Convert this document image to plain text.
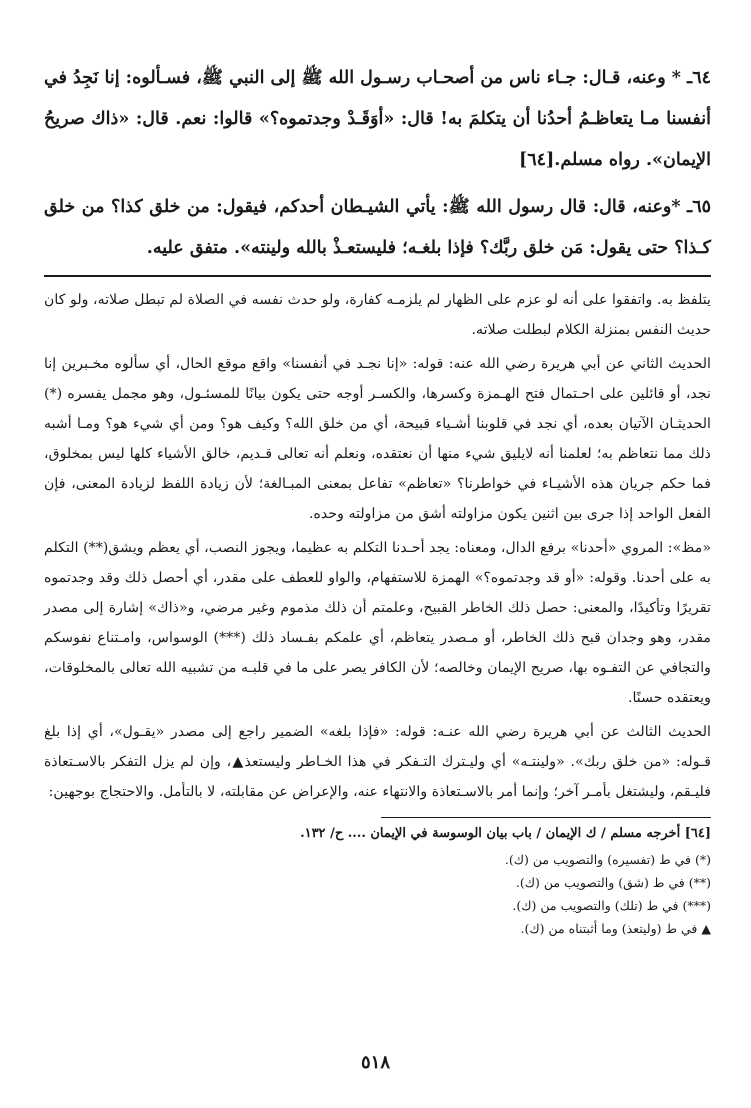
٦٤ـ * وعنه، قـال: جـاء ناس من أصحـاب رسـول الله ﷺ إلى النبي ﷺ، فسـألوه: إنا نَجِدُ في أنفسنا مـا يتعاظـمُ أحدُنا أن يتكلمَ به! قال: «أوَقَـدْ وجدتموه؟» قالوا: نعم. قال: «ذاك صريحُ الإيمان». رواه مسلم.[٦٤]

٦٥ـ *وعنه، قال: قال رسول الله ﷺ: يأتي الشيـطان أحدكم، فيقول: من خلق كذا؟ من خلق كـذا؟ حتى يقول: مَن خلق ربَّك؟ فإذا بلغـه؛ فليستعـذْ بالله ولينته». متفق عليه.

يتلفظ به. واتفقوا على أنه لو عزم على الظهار لم يلزمـه كفارة، ولو حدث نفسه في الصلاة لم تبطل صلاته، ولو كان حديث النفس بمنزلة الكلام لبطلت صلاته.

الحديث الثاني عن أبي هريرة رضي الله عنه: قوله: «إنا نجـد في أنفسنا» واقع موقع الحال، أي سألوه مخـبرين إنا نجد، أو قائلين على احـتمال فتح الهـمزة وكسرها، والكسـر أوجه حتى يكون بيانًا للمسئـول، وهو مجمل يفسره (*) الحديثـان الآتيان بعده، أي نجد في قلوبنا أشـياء قبيحة، أي من خلق الله؟ وكيف هو؟ ومن أي شيء هو؟ ومـا أشبه ذلك مما نتعاظم به؛ لعلمنا أنه لايليق شيء منها أن نعتقده، ونعلم أنه تعالى قـديم، خالق الأشياء كلها ليس بمخلوق، فما حكم جريان هذه الأشيـاء في خواطرنا؟ «تعاظم» تفاعل بمعنى المبـالغة؛ لأن زيادة اللفظ لزيادة المعنى، فإن الفعل الواحد إذا جرى بين اثنين يكون مزاولته أشق من مزاولته وحده.

«مظ»: المروي «أحدنا» برفع الدال، ومعناه: يجد أحـدنا التكلم به عظيما، ويجوز النصب، أي يعظم ويشق(**) التكلم به على أحدنا. وقوله: «أو قد وجدتموه؟» الهمزة للاستفهام، والواو للعطف على مقدر، أي أحصل ذلك وقد وجدتموه تقريرًا وتأكيدًا، والمعنى: حصل ذلك الخاطر القبيح، وعلمتم أن ذلك مذموم وغير مرضي، و«ذاك» إشارة إلى مصدر مقدر، وهو وجدان قبح ذلك الخاطر، أو مـصدر يتعاظم، أي علمكم بفـساد ذلك (***) الوسواس، وامـتناع نفوسكم والتجافي عن التفـوه بها، صريح الإيمان وخالصه؛ لأن الكافر يصر على ما في قلبـه من تشبيه الله تعالى بالمخلوقات، ويعتقده حسنًا.

الحديث الثالث عن أبي هريرة رضي الله عنـه: قوله: «فإذا بلغه» الضمير راجع إلى مصدر «يقـول»، أي إذا بلغ قـوله: «من خلق ربك». «ولينتـه» أي وليـترك التـفكر في هذا الخـاطر وليستعذ▲، وإن لم يزل التفكر بالاسـتعاذة فليـقم، وليشتغل بأمـر آخر؛ وإنما أمر بالاسـتعاذة والانتهاء عنه، والإعراض عن مقابلته، لا بالتأمل. والاحتجاج بوجهين:

[٦٤] أخرجه مسلم / ك الإيمان / باب بيان الوسوسة في الإيمان .... ح/ ١٣٢.

(*) في ط (تفسيره) والتصويب من (ك).

(**) في ط (شق) والتصويب من (ك).

(***) في ط (تلك) والتصويب من (ك).

▲ في ط (وليتعذ) وما أثبتناه من (ك).

٥١٨
